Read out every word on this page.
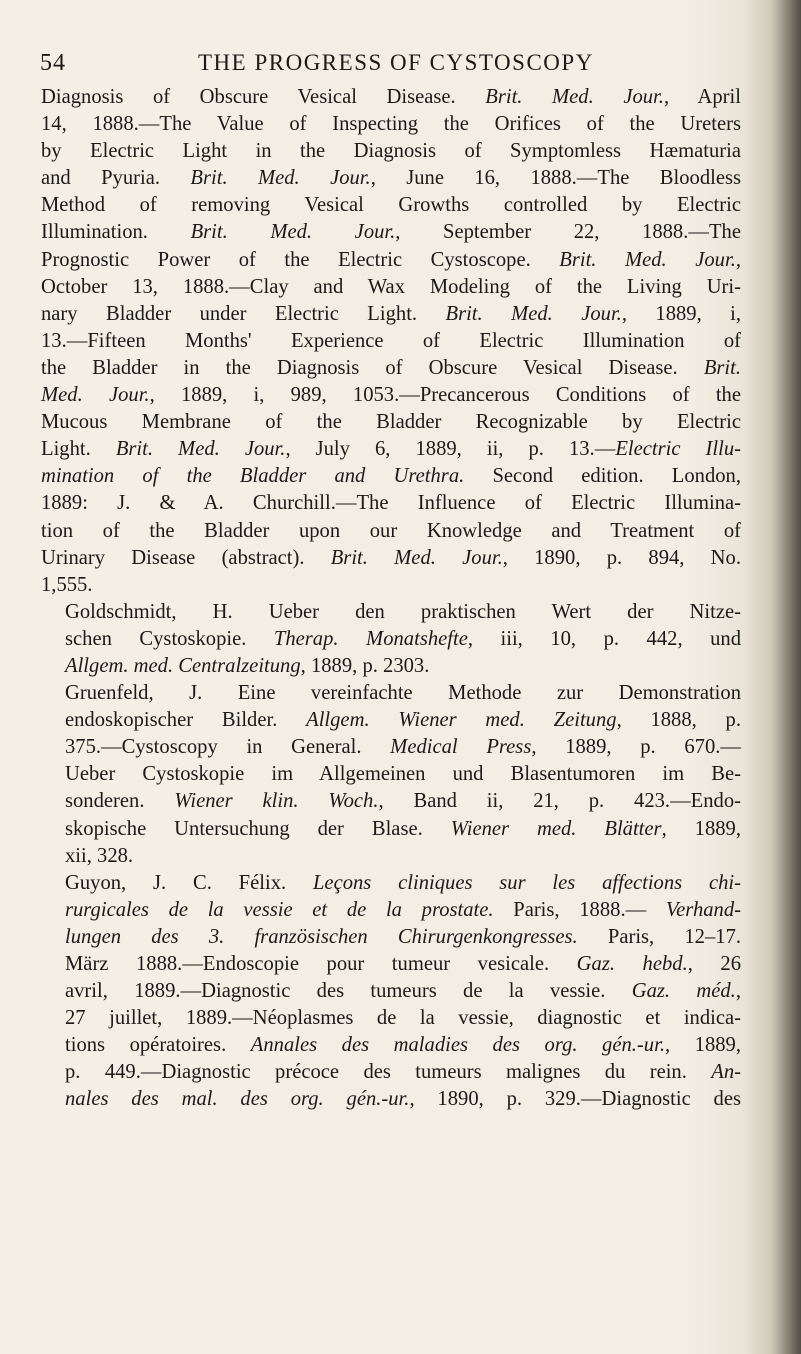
54	THE PROGRESS OF CYSTOSCOPY
Diagnosis of Obscure Vesical Disease. Brit. Med. Jour., April
14, 1888.—The Value of Inspecting the Orifices of the Ureters
by Electric Light in the Diagnosis of Symptomless Hæmaturia
and Pyuria. Brit. Med. Jour., June 16, 1888.—The Bloodless
Method of removing Vesical Growths controlled by Electric
Illumination. Brit. Med. Jour., September 22, 1888.—The
Prognostic Power of the Electric Cystoscope. Brit. Med. Jour.,
October 13, 1888.—Clay and Wax Modeling of the Living Uri-
nary Bladder under Electric Light. Brit. Med. Jour., 1889, i,
13.—Fifteen Months' Experience of Electric Illumination of
the Bladder in the Diagnosis of Obscure Vesical Disease. Brit.
Med. Jour., 1889, i, 989, 1053.—Precancerous Conditions of the
Mucous Membrane of the Bladder Recognizable by Electric
Light. Brit. Med. Jour., July 6, 1889, ii, p. 13.—Electric Illu-
mination of the Bladder and Urethra. Second edition. London,
1889: J. & A. Churchill.—The Influence of Electric Illumina-
tion of the Bladder upon our Knowledge and Treatment of
Urinary Disease (abstract). Brit. Med. Jour., 1890, p. 894, No.
1,555.
Goldschmidt, H. Ueber den praktischen Wert der Nitze-
schen Cystoskopie. Therap. Monatshefte, iii, 10, p. 442, und
Allgem. med. Centralzeitung, 1889, p. 2303.
Gruenfeld, J. Eine vereinfachte Methode zur Demonstration
endoskopischer Bilder. Allgem. Wiener med. Zeitung, 1888, p.
375.—Cystoscopy in General. Medical Press, 1889, p. 670.—
Ueber Cystoskopie im Allgemeinen und Blasentumoren im Be-
sonderen. Wiener klin. Woch., Band ii, 21, p. 423.—Endo-
skopische Untersuchung der Blase. Wiener med. Blätter, 1889,
xii, 328.
Guyon, J. C. Félix. Leçons cliniques sur les affections chi-
rurgicales de la vessie et de la prostate. Paris, 1888.— Verhand-
lungen des 3. französischen Chirurgenkongresses. Paris, 12–17.
März 1888.—Endoscopie pour tumeur vesicale. Gaz. hebd., 26
avril, 1889.—Diagnostic des tumeurs de la vessie. Gaz. méd.,
27 juillet, 1889.—Néoplasmes de la vessie, diagnostic et indica-
tions opératoires. Annales des maladies des org. gén.-ur., 1889,
p. 449.—Diagnostic précoce des tumeurs malignes du rein. An-
nales des mal. des org. gén.-ur., 1890, p. 329.—Diagnostic des
